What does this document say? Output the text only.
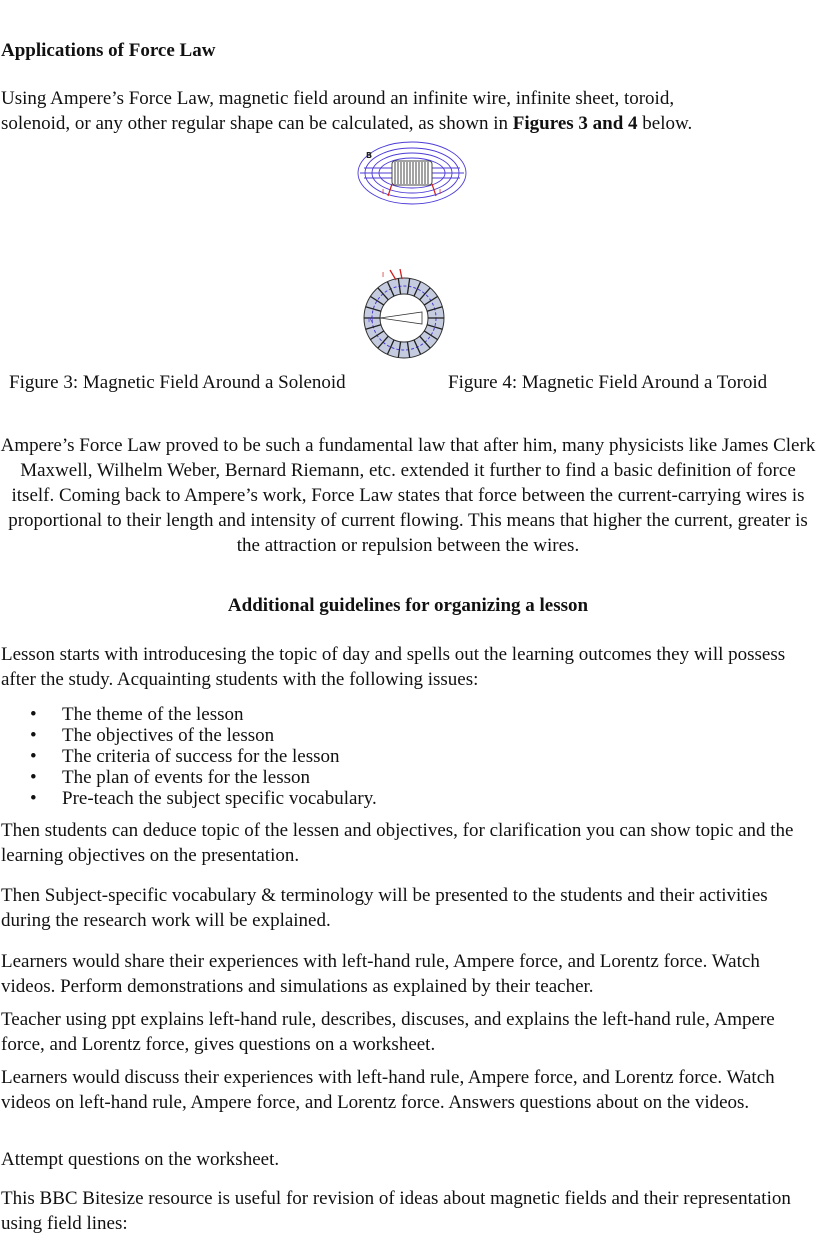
Applications of Force Law

Using Ampere’s Force Law, magnetic field around an infinite wire, infinite sheet, toroid,
solenoid, or any other regular shape can be calculated, as shown in Figures 3 and 4 below.

B
I	I
I
N

Figure 3: Magnetic Field Around a Solenoid	Figure 4: Magnetic Field Around a Toroid

Ampere’s Force Law proved to be such a fundamental law that after him, many physicists like James Clerk Maxwell, Wilhelm Weber, Bernard Riemann, etc. extended it further to find a basic definition of force itself. Coming back to Ampere’s work, Force Law states that force between the current-carrying wires is proportional to their length and intensity of current flowing. This means that higher the current, greater is the attraction or repulsion between the wires.

Additional guidelines for organizing a lesson

Lesson starts with introducesing the topic of day and spells out the learning outcomes they will possess after the study. Acquainting students with the following issues:

• The theme of the lesson
• The objectives of the lesson
• The criteria of success for the lesson
• The plan of events for the lesson
• Pre-teach the subject specific vocabulary.

Then students can deduce topic of the lessen and objectives, for clarification you can show topic and the learning objectives on the presentation.

Then Subject-specific vocabulary & terminology will be presented to the students and their activities during the research work will be explained.

Learners would share their experiences with left-hand rule, Ampere force, and Lorentz force. Watch videos. Perform demonstrations and simulations as explained by their teacher.

Teacher using ppt explains left-hand rule, describes, discuses, and explains the left-hand rule, Ampere force, and Lorentz force, gives questions on a worksheet.

Learners would discuss their experiences with left-hand rule, Ampere force, and Lorentz force. Watch videos on left-hand rule, Ampere force, and Lorentz force. Answers questions about on the videos.

Attempt questions on the worksheet.

This BBC Bitesize resource is useful for revision of ideas about magnetic fields and their representation using field lines:
